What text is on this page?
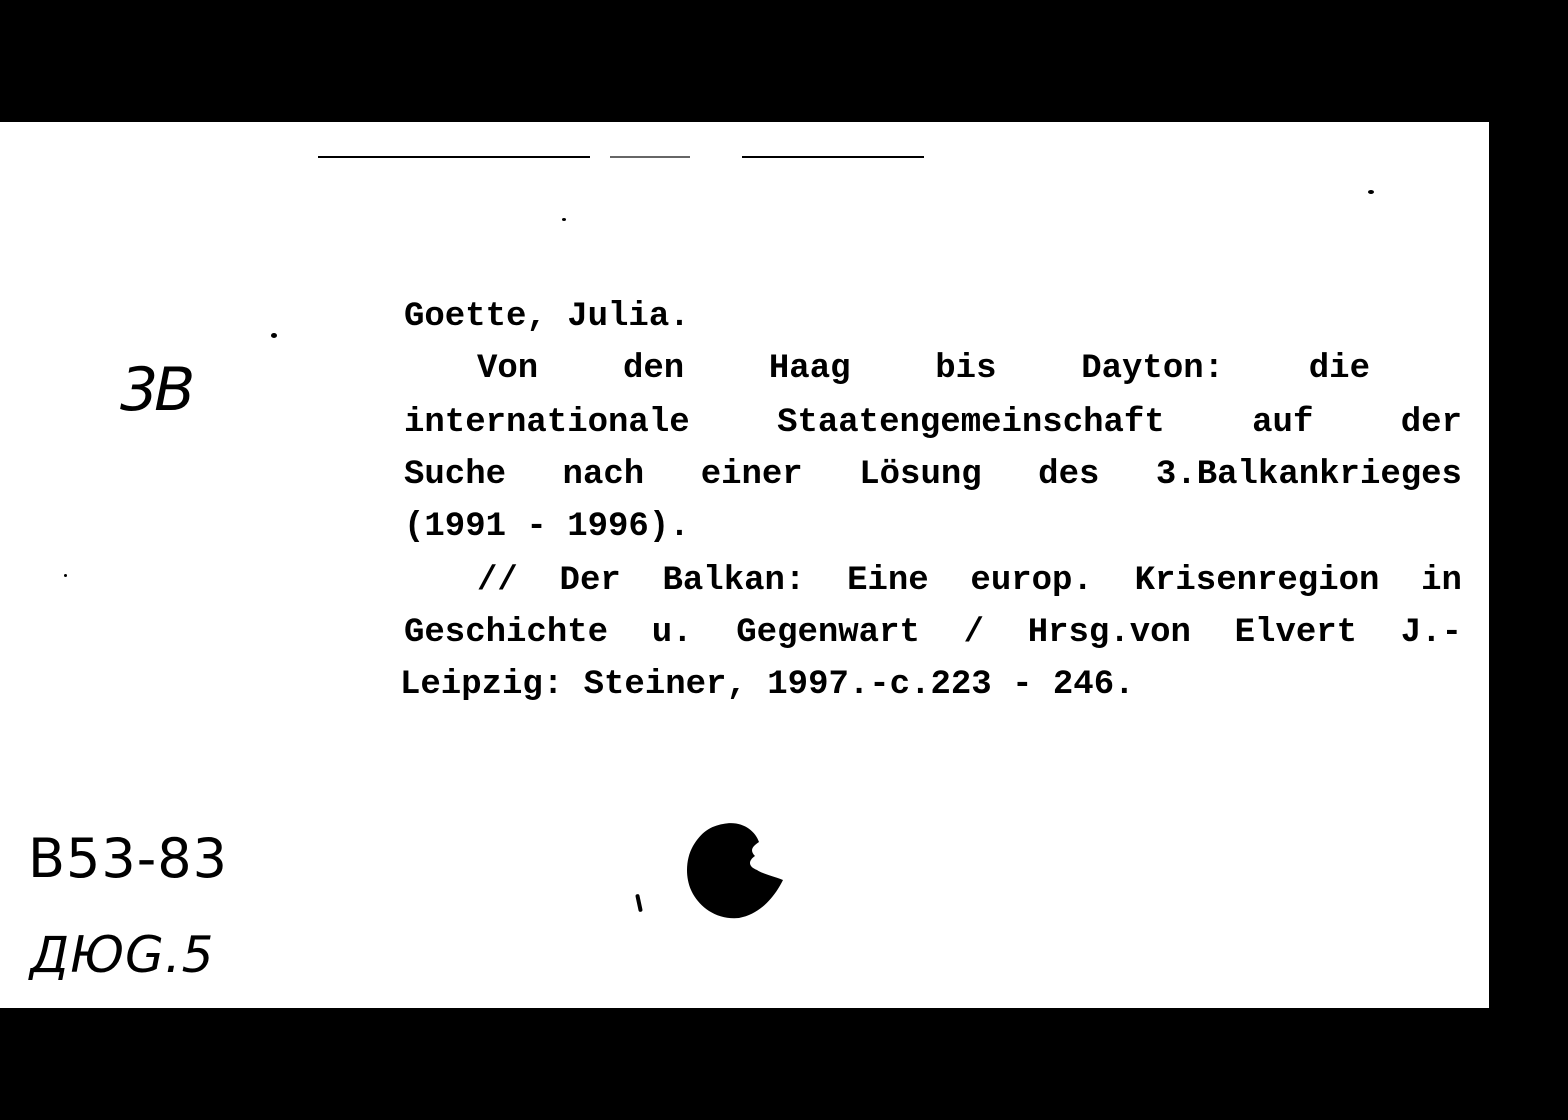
3B
B53-83
ДЮG.5
Goette, Julia.
Von den Haag bis Dayton: die
internationale	Staatengemeinschaft	auf	der
Suche nach einer Lösung des 3.Balkankrieges
(1991 - 1996).
// Der Balkan: Eine europ. Krisenregion in
Geschichte u. Gegenwart / Hrsg.von Elvert J.-
Leipzig: Steiner, 1997.-c.223 - 246.
